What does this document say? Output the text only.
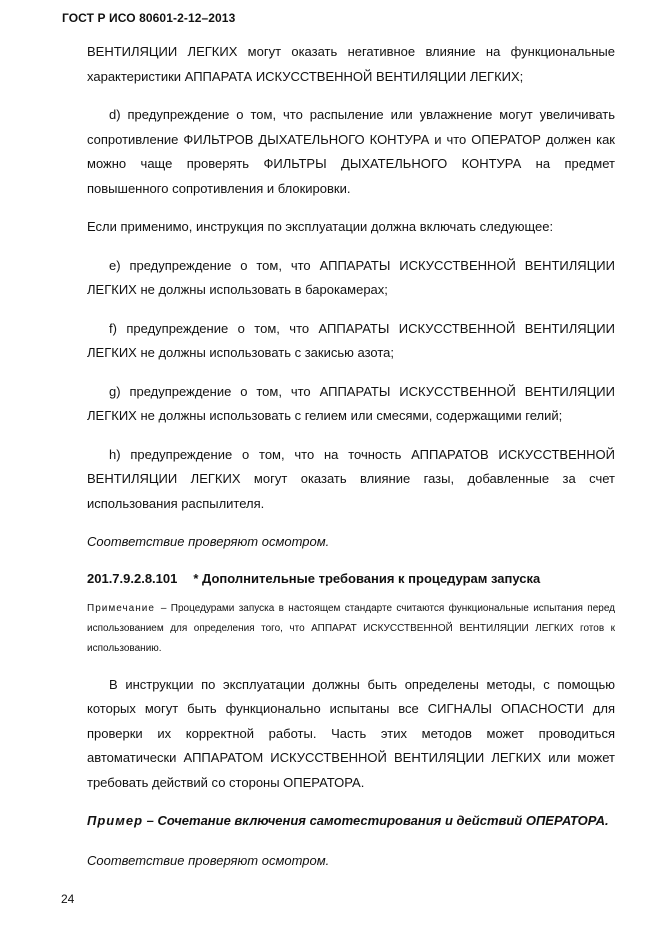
ГОСТ Р ИСО 80601-2-12–2013

ВЕНТИЛЯЦИИ ЛЕГКИХ могут оказать негативное влияние на функциональные характеристики АППАРАТА ИСКУССТВЕННОЙ ВЕНТИЛЯЦИИ ЛЕГКИХ;

d) предупреждение о том, что распыление или увлажнение могут увеличивать сопротивление ФИЛЬТРОВ ДЫХАТЕЛЬНОГО КОНТУРА и что ОПЕРАТОР должен как можно чаще проверять ФИЛЬТРЫ ДЫХАТЕЛЬНОГО КОНТУРА на предмет повышенного сопротивления и блокировки.

Если применимо, инструкция по эксплуатации должна включать следующее:

e) предупреждение о том, что АППАРАТЫ ИСКУССТВЕННОЙ ВЕНТИЛЯЦИИ ЛЕГКИХ не должны использовать в барокамерах;

f) предупреждение о том, что АППАРАТЫ ИСКУССТВЕННОЙ ВЕНТИЛЯЦИИ ЛЕГКИХ не должны использовать с закисью азота;

g) предупреждение о том, что АППАРАТЫ ИСКУССТВЕННОЙ ВЕНТИЛЯЦИИ ЛЕГКИХ не должны использовать с гелием или смесями, содержащими гелий;

h) предупреждение о том, что на точность АППАРАТОВ ИСКУССТВЕННОЙ ВЕНТИЛЯЦИИ ЛЕГКИХ могут оказать влияние газы, добавленные за счет использования распылителя.

Соответствие проверяют осмотром.

201.7.9.2.8.101 * Дополнительные требования к процедурам запуска

Примечание – Процедурами запуска в настоящем стандарте считаются функциональные испытания перед использованием для определения того, что АППАРАТ ИСКУССТВЕННОЙ ВЕНТИЛЯЦИИ ЛЕГКИХ готов к использованию.

В инструкции по эксплуатации должны быть определены методы, с помощью которых могут быть функционально испытаны все СИГНАЛЫ ОПАСНОСТИ для проверки их корректной работы. Часть этих методов может проводиться автоматически АППАРАТОМ ИСКУССТВЕННОЙ ВЕНТИЛЯЦИИ ЛЕГКИХ или может требовать действий со стороны ОПЕРАТОРА.

Пример – Сочетание включения самотестирования и действий ОПЕРАТОРА.

Соответствие проверяют осмотром.

24
